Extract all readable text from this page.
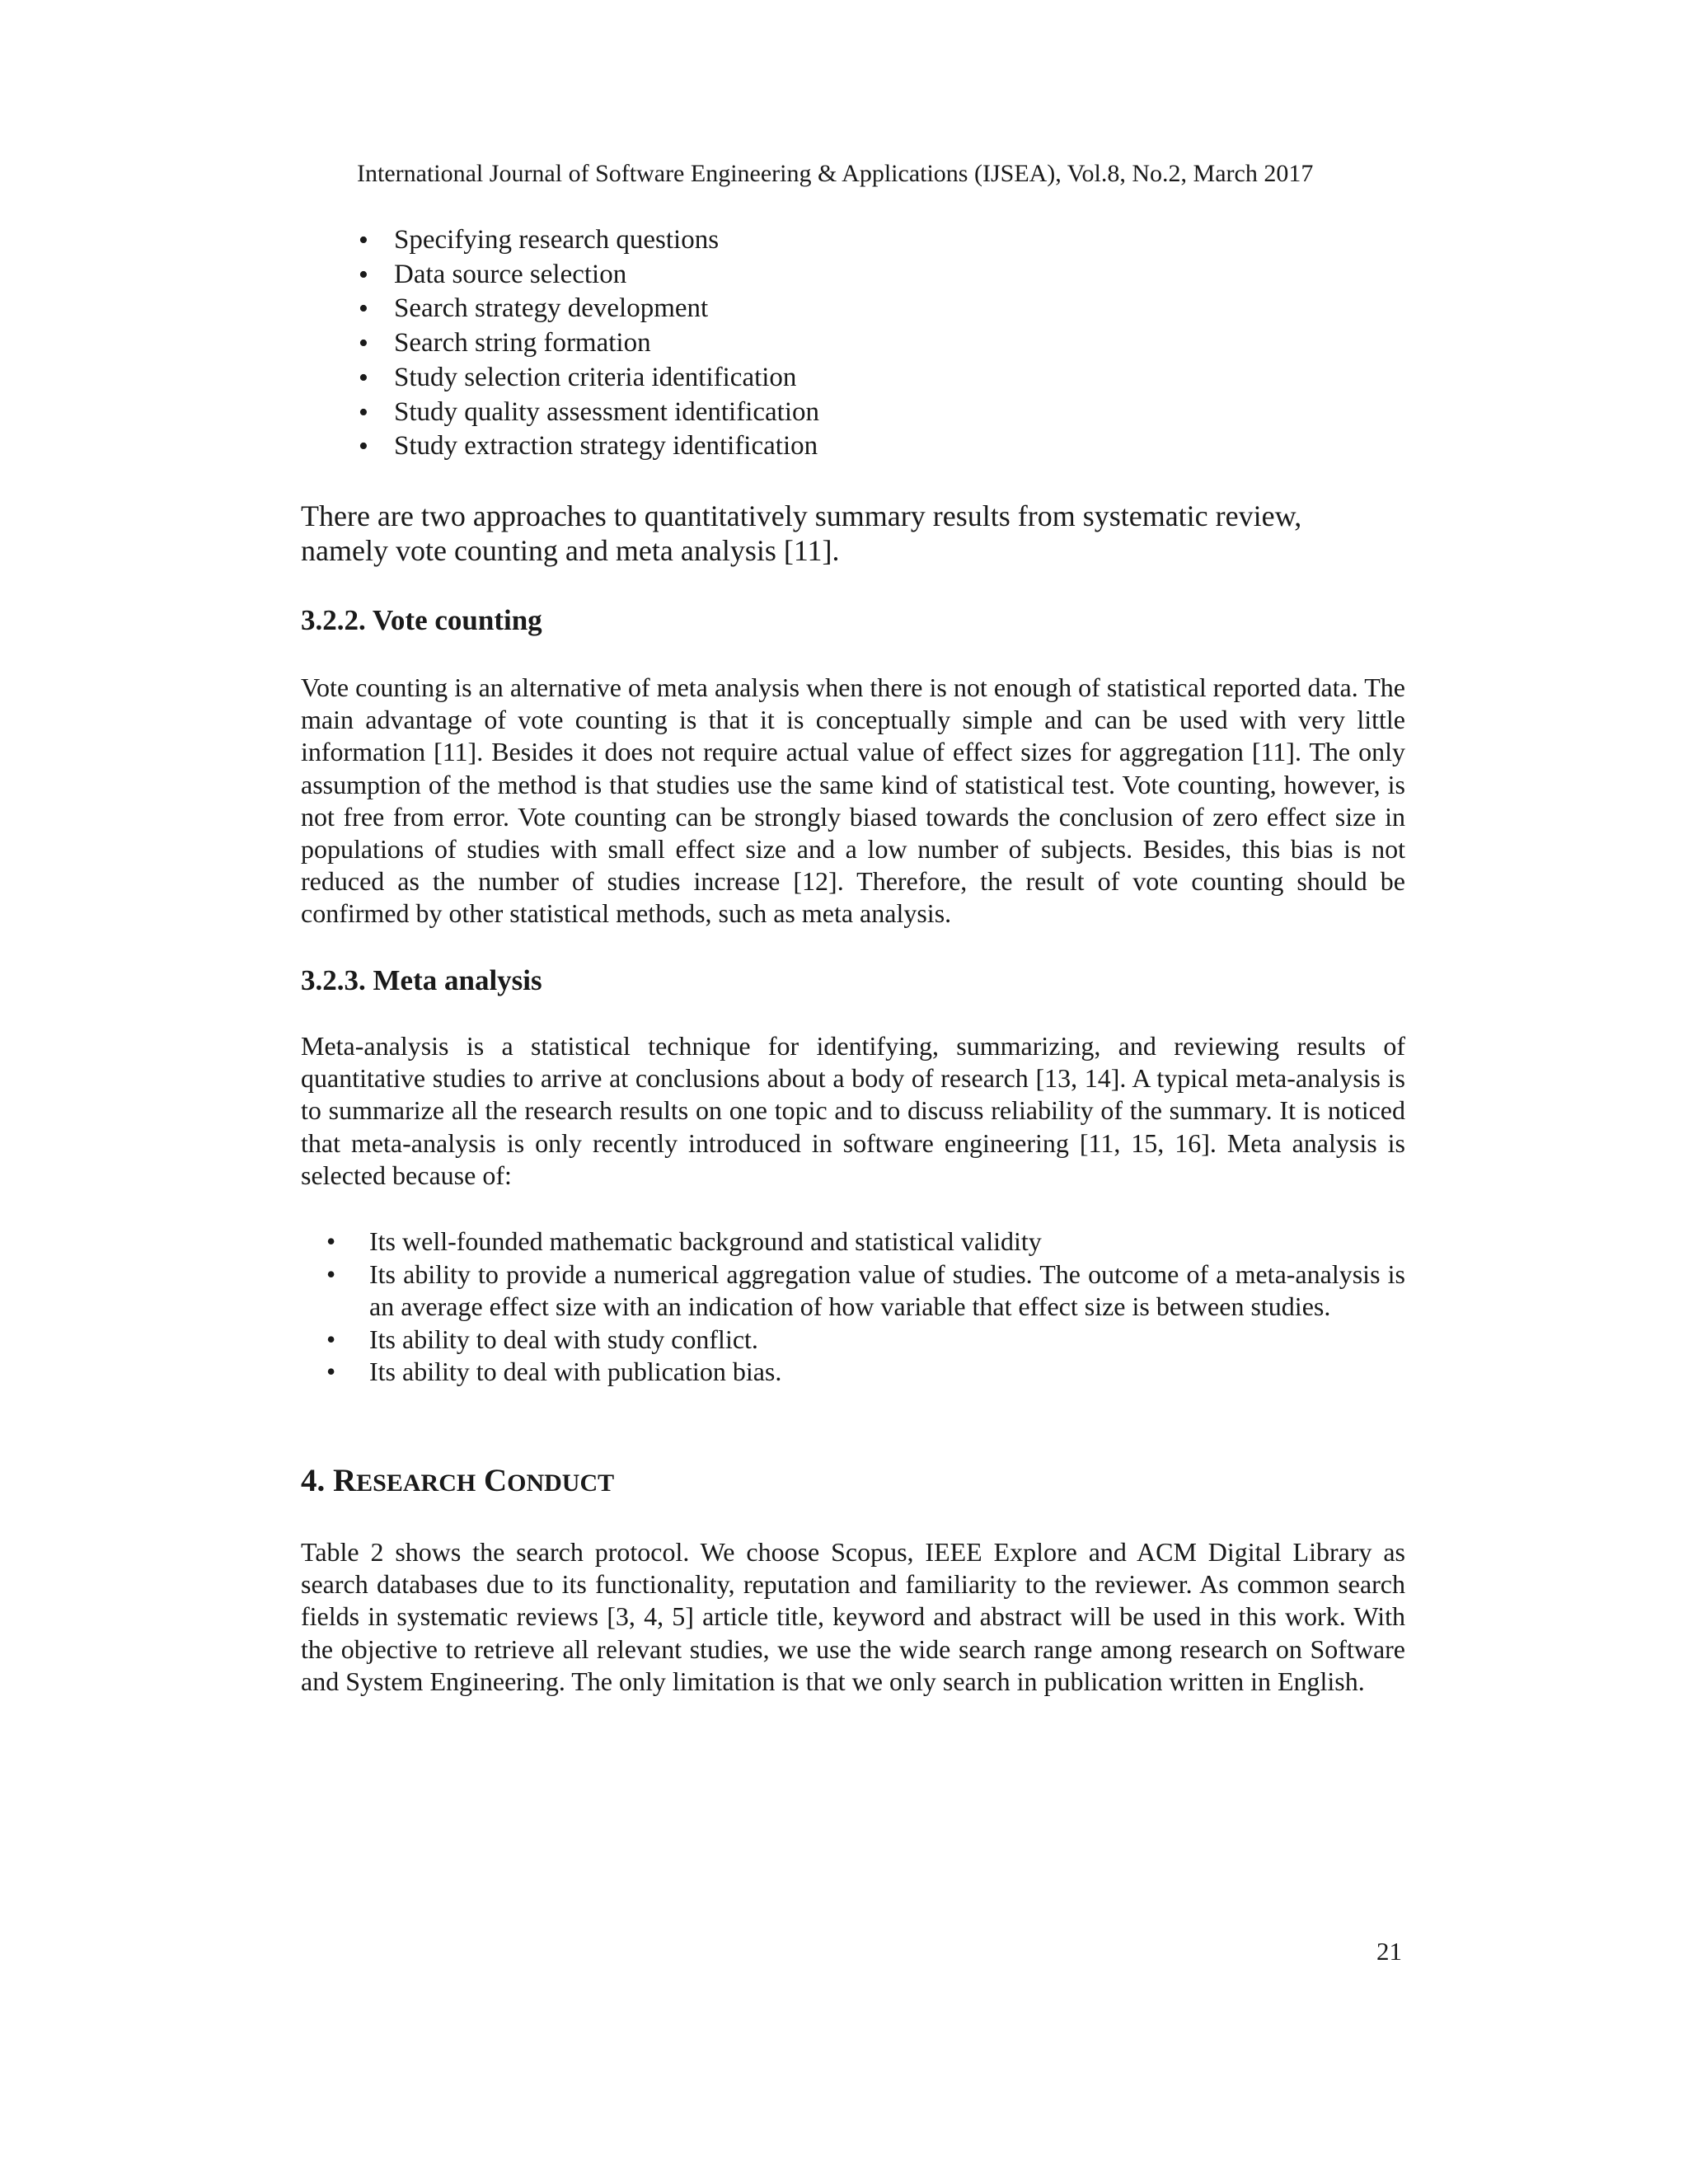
International Journal of Software Engineering & Applications (IJSEA), Vol.8, No.2, March 2017
• Specifying research questions
• Data source selection
• Search strategy development
• Search string formation
• Study selection criteria identification
• Study quality assessment identification
• Study extraction strategy identification

There are two approaches to quantitatively summary results from systematic review, namely vote counting and meta analysis [11].

3.2.2. Vote counting

Vote counting is an alternative of meta analysis when there is not enough of statistical reported data. The main advantage of vote counting is that it is conceptually simple and can be used with very little information [11]. Besides it does not require actual value of effect sizes for aggregation [11]. The only assumption of the method is that studies use the same kind of statistical test. Vote counting, however, is not free from error. Vote counting can be strongly biased towards the conclusion of zero effect size in populations of studies with small effect size and a low number of subjects. Besides, this bias is not reduced as the number of studies increase [12]. Therefore, the result of vote counting should be confirmed by other statistical methods, such as meta analysis.

3.2.3. Meta analysis

Meta-analysis is a statistical technique for identifying, summarizing, and reviewing results of quantitative studies to arrive at conclusions about a body of research [13, 14]. A typical meta-analysis is to summarize all the research results on one topic and to discuss reliability of the summary. It is noticed that meta-analysis is only recently introduced in software engineering [11, 15, 16]. Meta analysis is selected because of:

• Its well-founded mathematic background and statistical validity
• Its ability to provide a numerical aggregation value of studies. The outcome of a meta-analysis is an average effect size with an indication of how variable that effect size is between studies.
• Its ability to deal with study conflict.
• Its ability to deal with publication bias.
4. RESEARCH CONDUCT

Table 2 shows the search protocol. We choose Scopus, IEEE Explore and ACM Digital Library as search databases due to its functionality, reputation and familiarity to the reviewer. As common search fields in systematic reviews [3, 4, 5] article title, keyword and abstract will be used in this work. With the objective to retrieve all relevant studies, we use the wide search range among research on Software and System Engineering. The only limitation is that we only search in publication written in English.

21
